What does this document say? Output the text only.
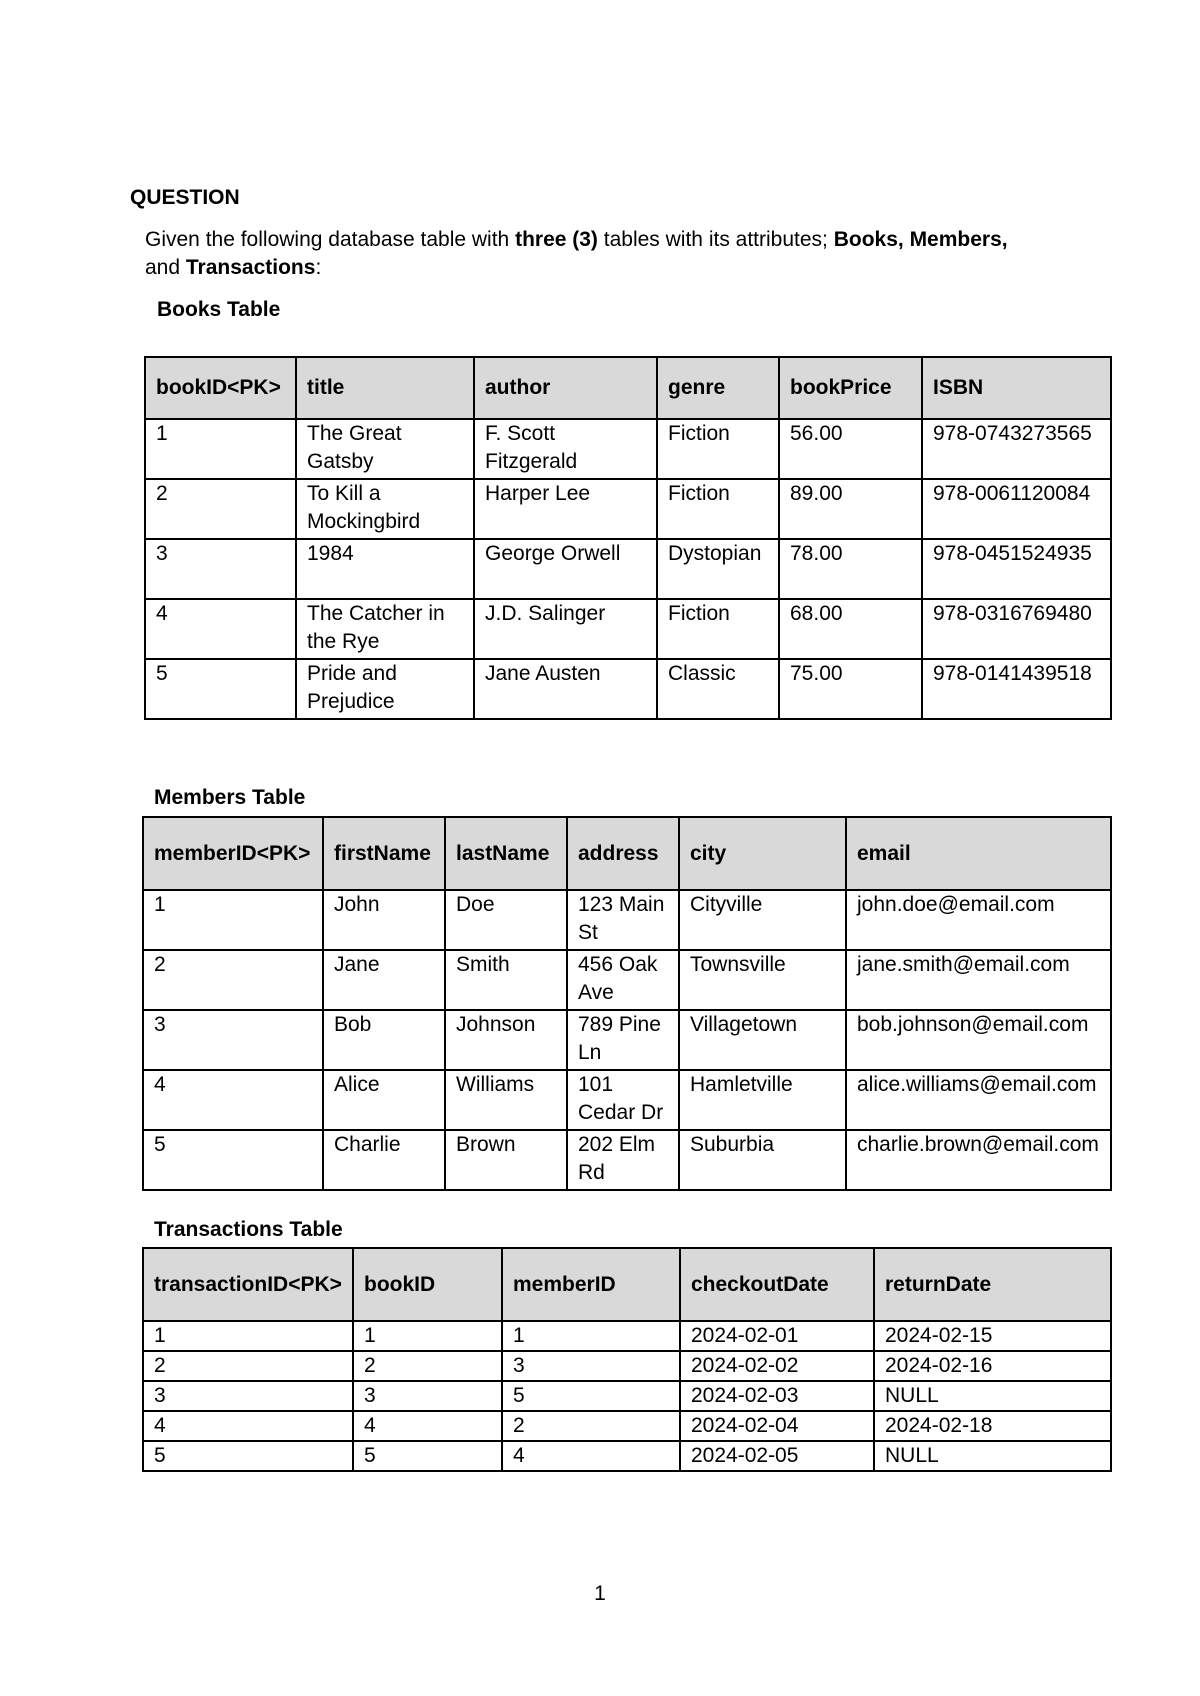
QUESTION
Given the following database table with three (3) tables with its attributes; Books, Members, and Transactions:
Books Table
bookID<PK>	title	author	genre	bookPrice	ISBN
1	The Great Gatsby	F. Scott Fitzgerald	Fiction	56.00	978-0743273565
2	To Kill a Mockingbird	Harper Lee	Fiction	89.00	978-0061120084
3	1984	George Orwell	Dystopian	78.00	978-0451524935
4	The Catcher in the Rye	J.D. Salinger	Fiction	68.00	978-0316769480
5	Pride and Prejudice	Jane Austen	Classic	75.00	978-0141439518
Members Table
memberID<PK>	firstName	lastName	address	city	email
1	John	Doe	123 Main St	Cityville	john.doe@email.com
2	Jane	Smith	456 Oak Ave	Townsville	jane.smith@email.com
3	Bob	Johnson	789 Pine Ln	Villagetown	bob.johnson@email.com
4	Alice	Williams	101 Cedar Dr	Hamletville	alice.williams@email.com
5	Charlie	Brown	202 Elm Rd	Suburbia	charlie.brown@email.com
Transactions Table
transactionID<PK>	bookID	memberID	checkoutDate	returnDate
1	1	1	2024-02-01	2024-02-15
2	2	3	2024-02-02	2024-02-16
3	3	5	2024-02-03	NULL
4	4	2	2024-02-04	2024-02-18
5	5	4	2024-02-05	NULL
1
